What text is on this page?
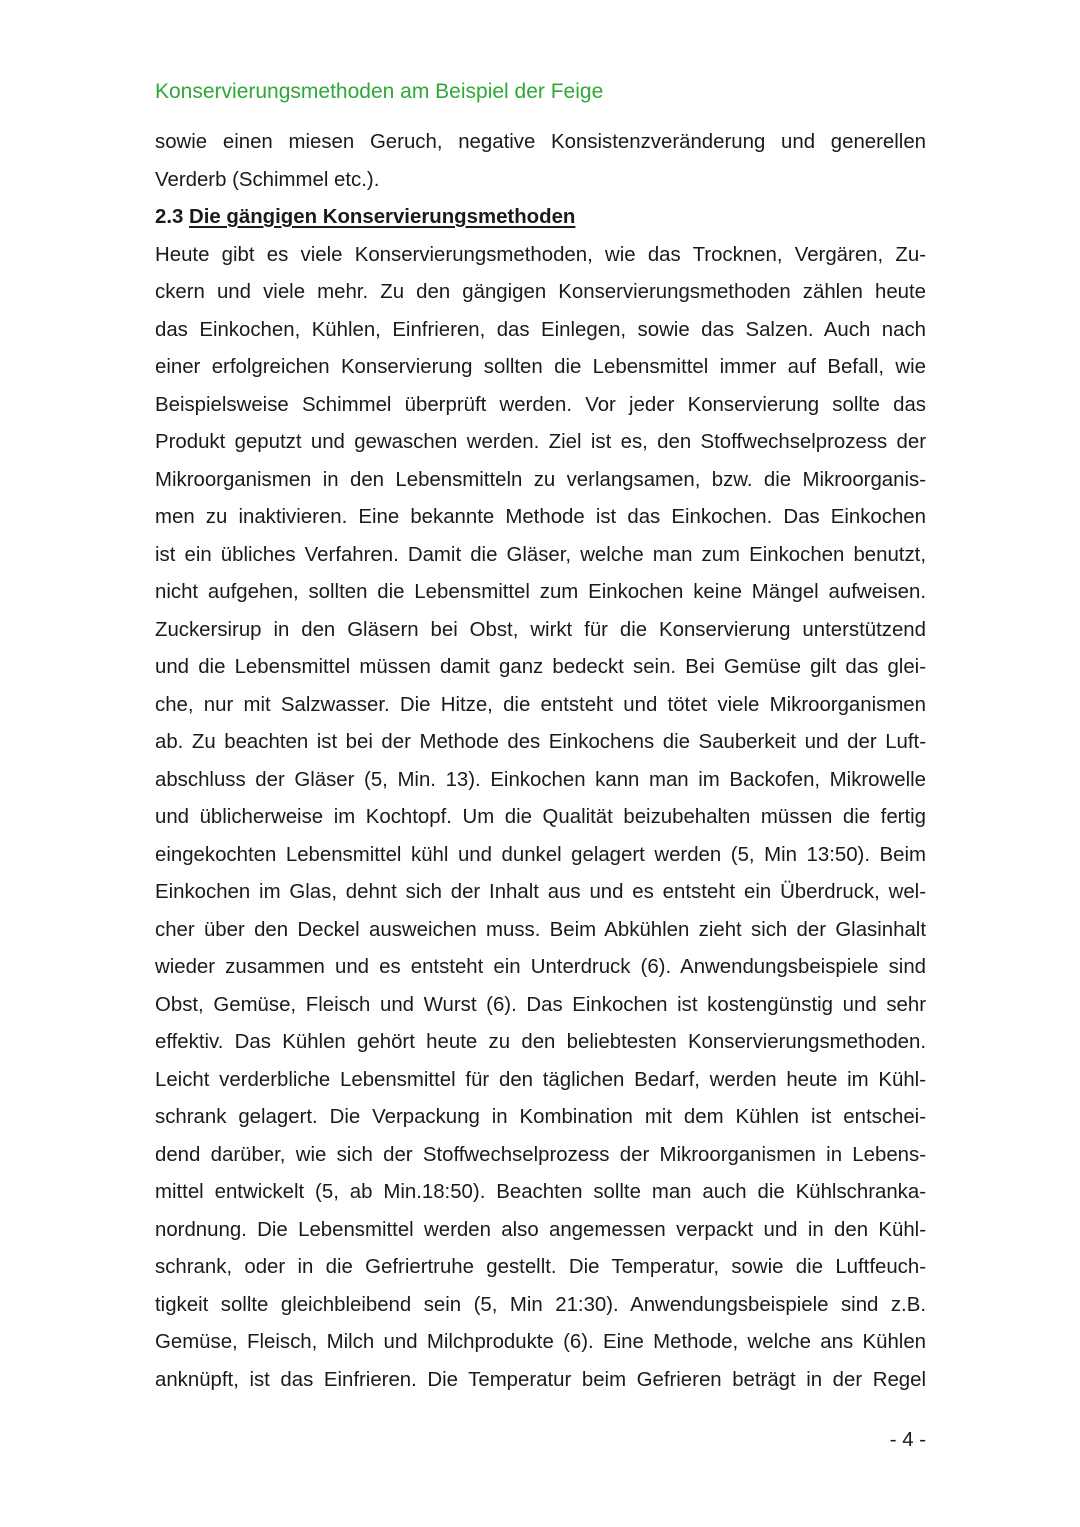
Konservierungsmethoden am Beispiel der Feige
sowie einen miesen Geruch, negative Konsistenzveränderung und generellen
Verderb (Schimmel etc.).
2.3 Die gängigen Konservierungsmethoden
Heute gibt es viele Konservierungsmethoden, wie das Trocknen, Vergären, Zu-
ckern und viele mehr. Zu den gängigen Konservierungsmethoden zählen heute
das Einkochen, Kühlen, Einfrieren, das Einlegen, sowie das Salzen. Auch nach
einer erfolgreichen Konservierung sollten die Lebensmittel immer auf Befall, wie
Beispielsweise Schimmel überprüft werden. Vor jeder Konservierung sollte das
Produkt geputzt und gewaschen werden. Ziel ist es, den Stoffwechselprozess der
Mikroorganismen in den Lebensmitteln zu verlangsamen, bzw. die Mikroorganis-
men zu inaktivieren. Eine bekannte Methode ist das Einkochen. Das Einkochen
ist ein übliches Verfahren. Damit die Gläser, welche man zum Einkochen benutzt,
nicht aufgehen, sollten die Lebensmittel zum Einkochen keine Mängel aufweisen.
Zuckersirup in den Gläsern bei Obst, wirkt für die Konservierung unterstützend
und die Lebensmittel müssen damit ganz bedeckt sein. Bei Gemüse gilt das glei-
che, nur mit Salzwasser. Die Hitze, die entsteht und tötet viele Mikroorganismen
ab. Zu beachten ist bei der Methode des Einkochens die Sauberkeit und der Luft-
abschluss der Gläser (5, Min. 13). Einkochen kann man im Backofen, Mikrowelle
und üblicherweise im Kochtopf. Um die Qualität beizubehalten müssen die fertig
eingekochten Lebensmittel kühl und dunkel gelagert werden (5, Min 13:50). Beim
Einkochen im Glas, dehnt sich der Inhalt aus und es entsteht ein Überdruck, wel-
cher über den Deckel ausweichen muss. Beim Abkühlen zieht sich der Glasinhalt
wieder zusammen und es entsteht ein Unterdruck (6). Anwendungsbeispiele sind
Obst, Gemüse, Fleisch und Wurst (6). Das Einkochen ist kostengünstig und sehr
effektiv. Das Kühlen gehört heute zu den beliebtesten Konservierungsmethoden.
Leicht verderbliche Lebensmittel für den täglichen Bedarf, werden heute im Kühl-
schrank gelagert. Die Verpackung in Kombination mit dem Kühlen ist entschei-
dend darüber, wie sich der Stoffwechselprozess der Mikroorganismen in Lebens-
mittel entwickelt (5, ab Min.18:50). Beachten sollte man auch die Kühlschranka-
nordnung. Die Lebensmittel werden also angemessen verpackt und in den Kühl-
schrank, oder in die Gefriertruhe gestellt. Die Temperatur, sowie die Luftfeuch-
tigkeit sollte gleichbleibend sein (5, Min 21:30). Anwendungsbeispiele sind z.B.
Gemüse, Fleisch, Milch und Milchprodukte (6). Eine Methode, welche ans Kühlen
anknüpft, ist das Einfrieren. Die Temperatur beim Gefrieren beträgt in der Regel
- 4 -
